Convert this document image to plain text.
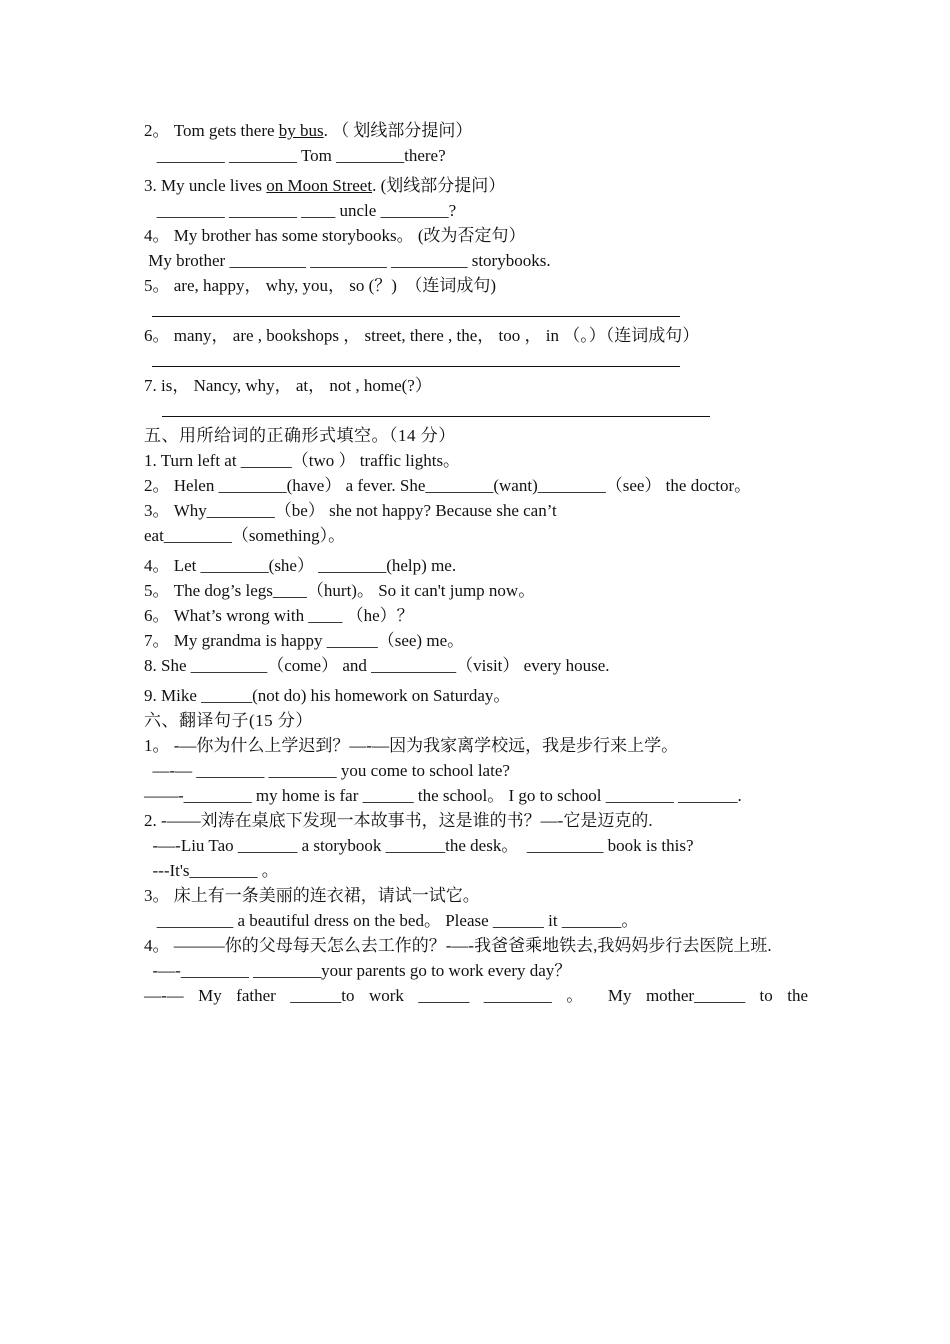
2。 Tom gets there by bus. （ 划线部分提问）
________ ________ Tom ________there?
3. My uncle lives on Moon Street. (划线部分提问）
________ ________ ____ uncle ________?
4。 My brother has some storybooks。 (改为否定句）
My brother _________ _________ _________ storybooks.
5。 are, happy， why, you， so (？)  （连词成句)
6。 many， are , bookshops ， street, there , the， too ， in （。）（连词成句）
7. is， Nancy, why， at， not , home(?）
五、用所给词的正确形式填空。（14 分）
1. Turn left at ______（two ） traffic lights。
2。 Helen ________(have） a fever. She________(want)________（see） the doctor。
3。 Why________（be） she not happy? Because she can’t
eat________（something）。
4。 Let ________(she） ________(help) me.
5。 The dog’s legs____（hurt)。 So it can't jump now。
6。 What’s wrong with ____ （he）？
7。 My grandma is happy ______（see) me。
8. She _________（come） and __________（visit） every house.
9. Mike ______(not do) his homework on Saturday。
六、翻译句子(15 分）
1。 -—你为什么上学迟到？—-—因为我家离学校远，我是步行来上学。
—-— ________ ________ you come to school late?
——-________ my home is far ______ the school。 I go to school ________ _______.
2. -——刘涛在桌底下发现一本故事书，这是谁的书？—-它是迈克的.
-—-Liu Tao _______ a storybook _______the desk。  _________ book is this?
---It's________ 。
3。 床上有一条美丽的连衣裙，请试一试它。
_________ a beautiful dress on the bed。 Please ______ it _______。
4。 ———你的父母每天怎么去工作的？-—-我爸爸乘地铁去,我妈妈步行去医院上班.
-—-________ ________your parents go to work every day？
—-— My father ______to work ______ ________ 。 My mother______ to the
